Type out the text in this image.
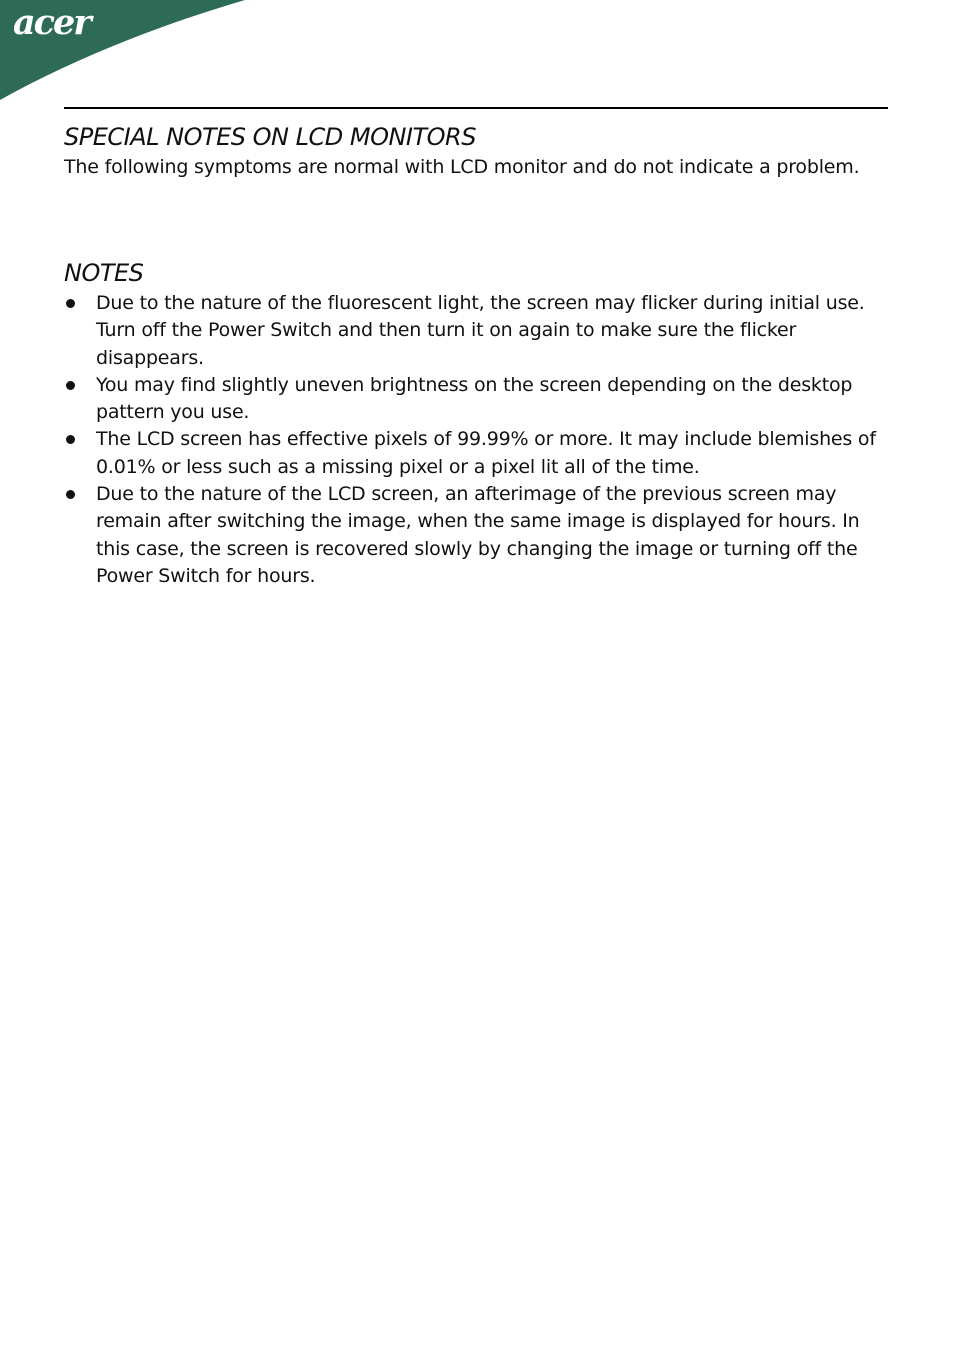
acer
SPECIAL NOTES ON LCD MONITORS

The following symptoms are normal with LCD monitor and do not indicate a problem.

NOTES
Due to the nature of the fluorescent light, the screen may flicker during initial use. Turn off the Power Switch and then turn it on again to make sure the flicker disappears.
You may find slightly uneven brightness on the screen depending on the desktop pattern you use.
The LCD screen has effective pixels of 99.99% or more. It may include blemishes of 0.01% or less such as a missing pixel or a pixel lit all of the time.
Due to the nature of the LCD screen, an afterimage of the previous screen may remain after switching the image, when the same image is displayed for hours. In this case, the screen is recovered slowly by changing the image or turning off the Power Switch for hours.
